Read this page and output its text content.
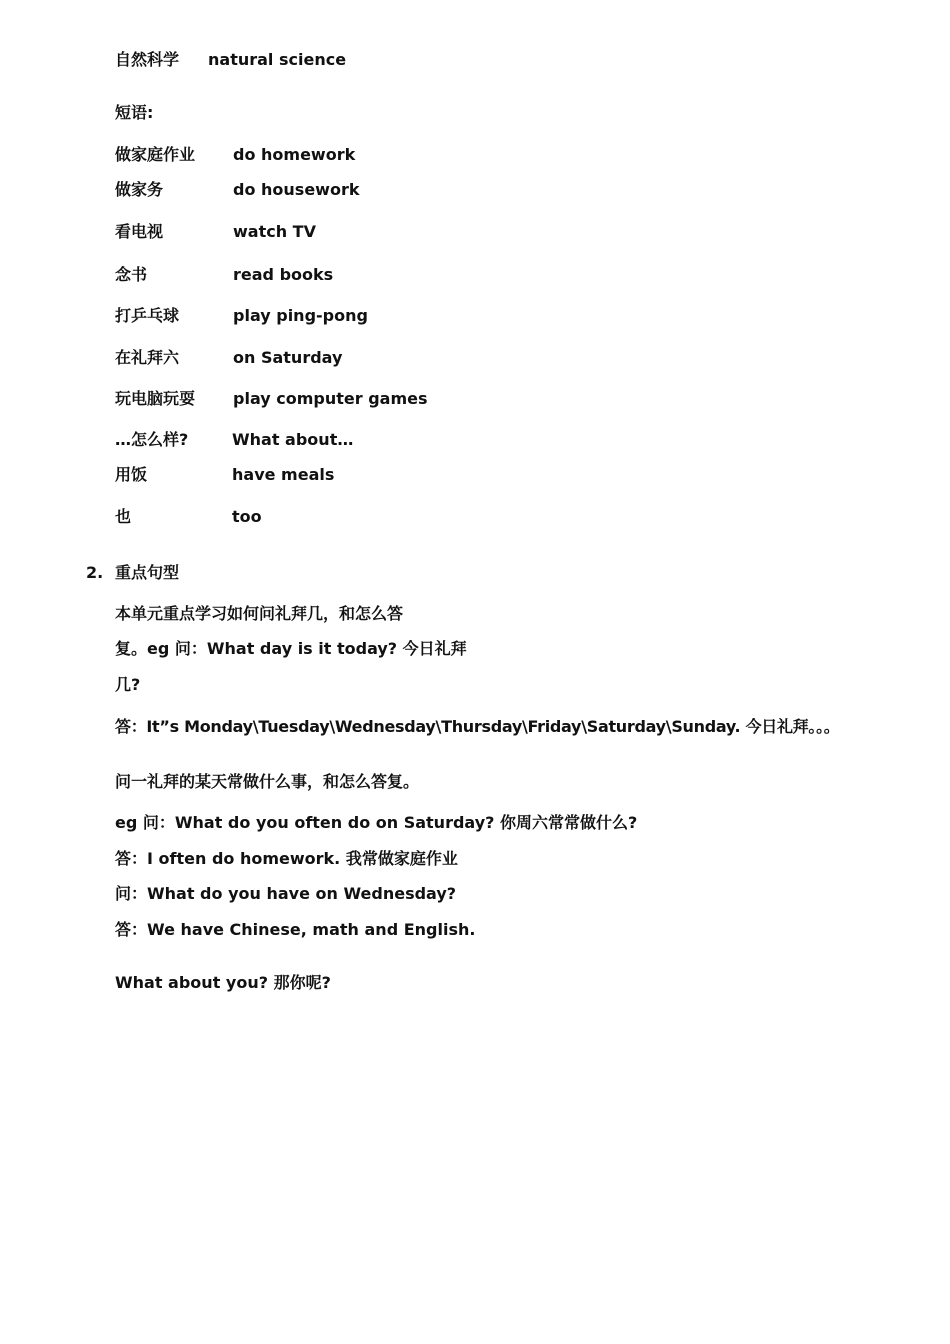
自然科学 natural science
短语:
做家庭作业 do homework
做家务	do housework
看电视	watch TV
念书	read books
打乒乓球	play ping-pong
在礼拜六	on Saturday
玩电脑玩耍 play computer games
…怎么样?	What about…
用饭	have meals
也	too
2. 重点句型
本单元重点学习如何问礼拜几，和怎么答
复。eg 问：What day is it today? 今日礼拜
几?
答：It”s Monday\Tuesday\Wednesday\Thursday\Friday\Saturday\Sunday. 今日礼拜。。。
问一礼拜的某天常做什么事，和怎么答复。
eg 问：What do you often do on Saturday? 你周六常常做什么?
答：I often do homework. 我常做家庭作业
问：What do you have on Wednesday?
答：We have Chinese, math and English.
What about you? 那你呢?
